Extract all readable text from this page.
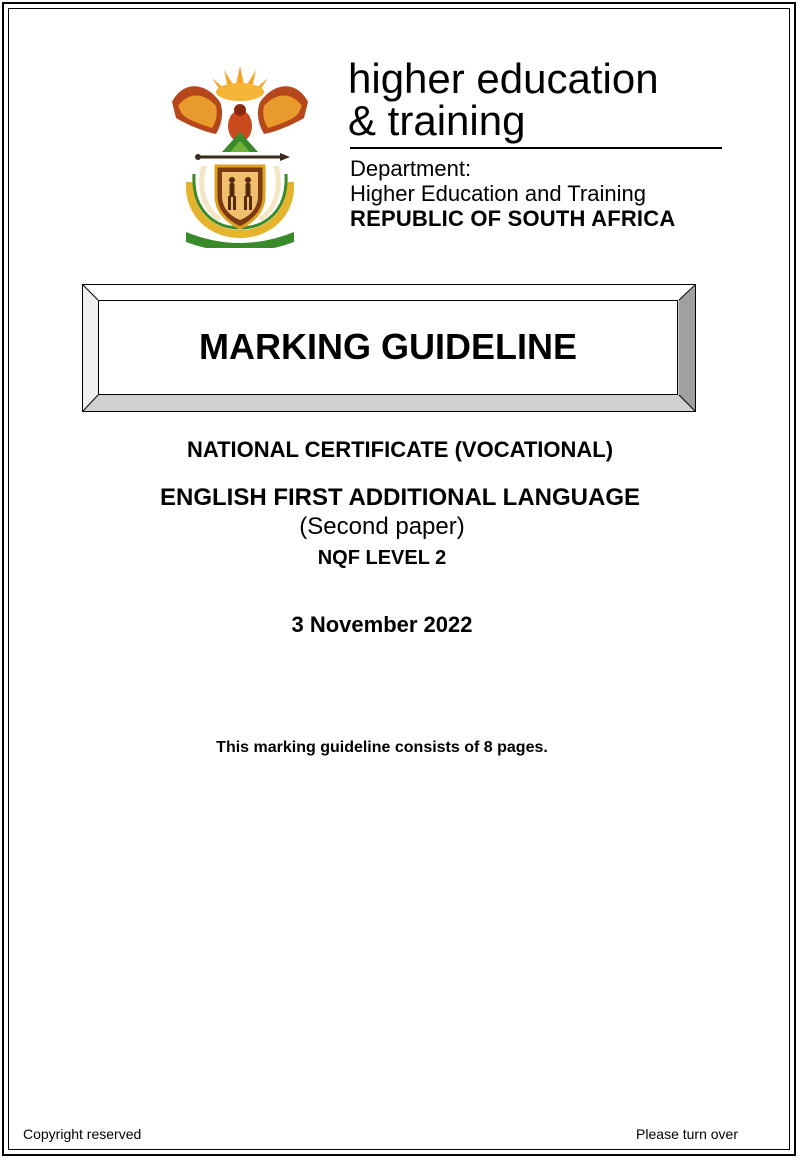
higher education
& training
Department:
Higher Education and Training
REPUBLIC OF SOUTH AFRICA
MARKING GUIDELINE
NATIONAL CERTIFICATE (VOCATIONAL)
ENGLISH FIRST ADDITIONAL LANGUAGE
(Second paper)
NQF LEVEL 2
3 November 2022
This marking guideline consists of 8 pages.
Copyright reserved	Please turn over
